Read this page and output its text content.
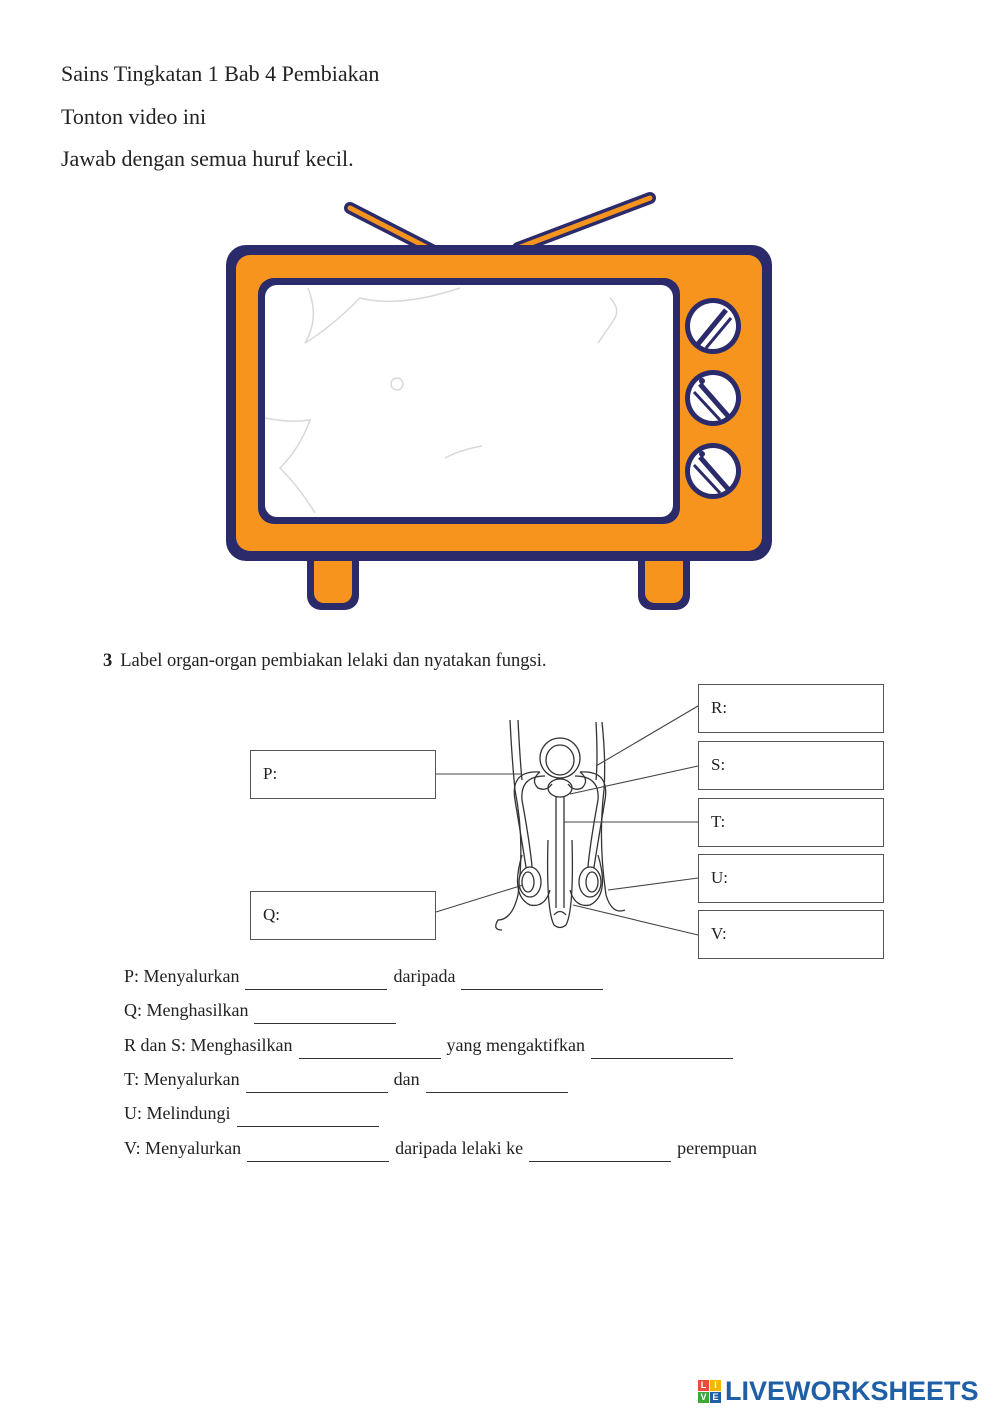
Sains Tingkatan 1 Bab 4 Pembiakan
Tonton video ini
Jawab dengan semua huruf kecil.
3 Label organ-organ pembiakan lelaki dan nyatakan fungsi.
P:
Q:
R:
S:
T:
U:
V:
P: Menyalurkan	daripada
Q: Menghasilkan
R dan S: Menghasilkan	yang mengaktifkan
T: Menyalurkan	dan
U: Melindungi
V: Menyalurkan	daripada lelaki ke	perempuan
L I
V E LIVEWORKSHEETS
